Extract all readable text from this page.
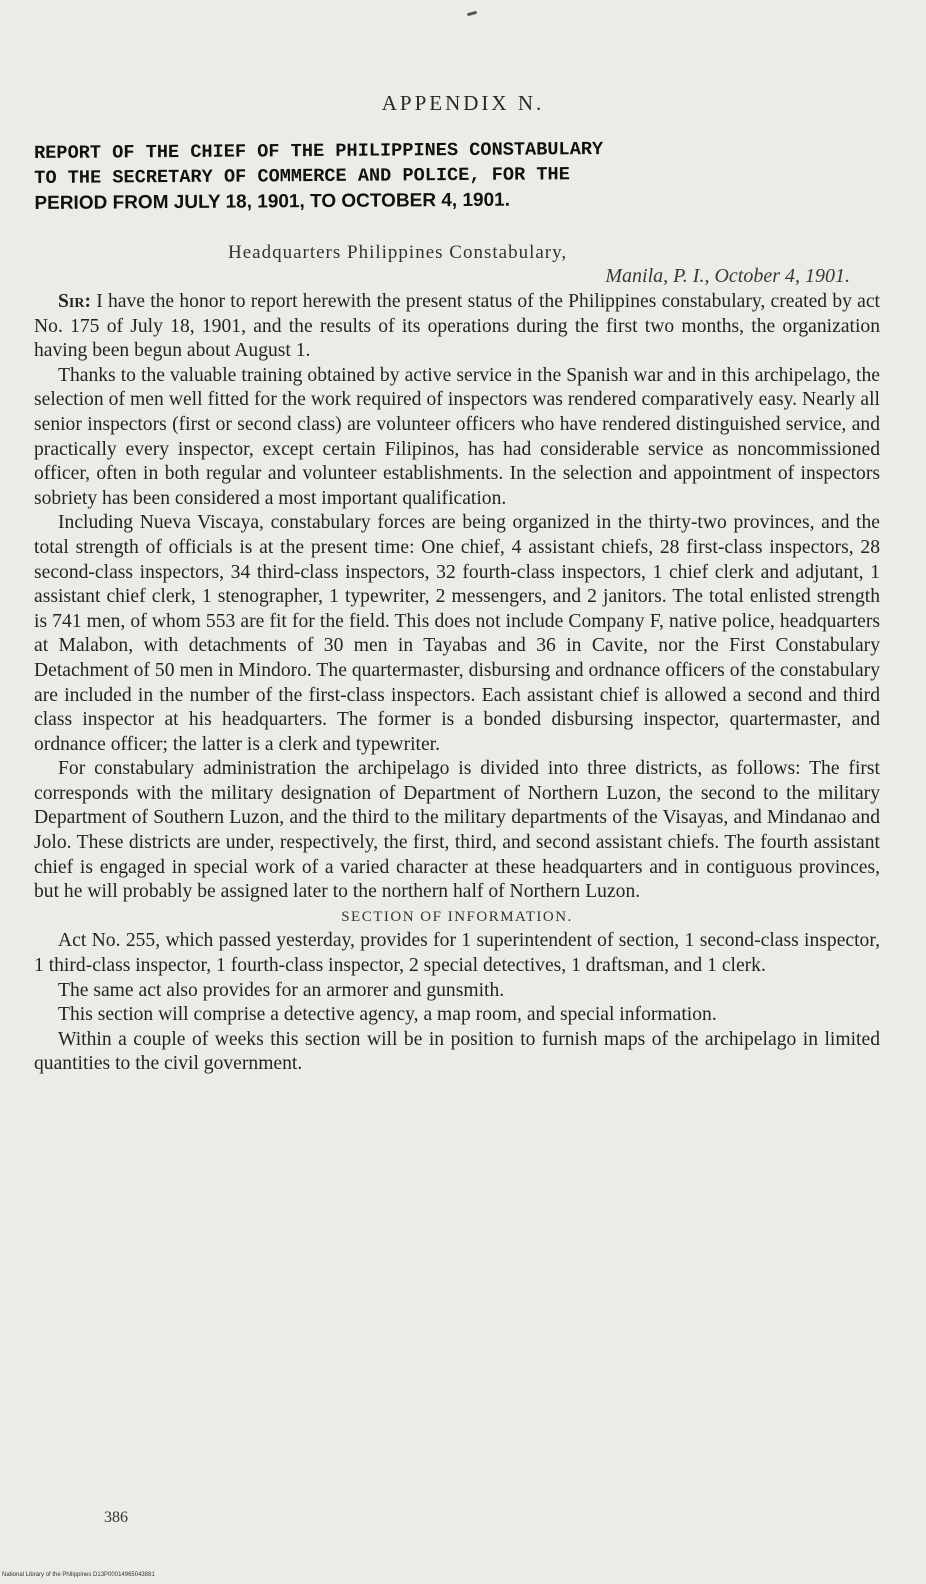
APPENDIX N.
REPORT OF THE CHIEF OF THE PHILIPPINES CONSTABULARY
TO THE SECRETARY OF COMMERCE AND POLICE, FOR THE
PERIOD FROM JULY 18, 1901, TO OCTOBER 4, 1901.
Headquarters Philippines Constabulary,
Manila, P. I., October 4, 1901.

Sir: I have the honor to report herewith the present status of the Philippines constabulary, created by act No. 175 of July 18, 1901, and the results of its operations during the first two months, the organization having been begun about August 1.

Thanks to the valuable training obtained by active service in the Spanish war and in this archipelago, the selection of men well fitted for the work required of inspectors was rendered comparatively easy. Nearly all senior inspectors (first or second class) are volunteer officers who have rendered distinguished service, and practically every inspector, except certain Filipinos, has had considerable service as noncommissioned officer, often in both regular and volunteer establishments. In the selection and appointment of inspectors sobriety has been considered a most important qualification.

Including Nueva Viscaya, constabulary forces are being organized in the thirty-two provinces, and the total strength of officials is at the present time: One chief, 4 assistant chiefs, 28 first-class inspectors, 28 second-class inspectors, 34 third-class inspectors, 32 fourth-class inspectors, 1 chief clerk and adjutant, 1 assistant chief clerk, 1 stenographer, 1 typewriter, 2 messengers, and 2 janitors. The total enlisted strength is 741 men, of whom 553 are fit for the field. This does not include Company F, native police, headquarters at Malabon, with detachments of 30 men in Tayabas and 36 in Cavite, nor the First Constabulary Detachment of 50 men in Mindoro. The quartermaster, disbursing and ordnance officers of the constabulary are included in the number of the first-class inspectors. Each assistant chief is allowed a second and third class inspector at his headquarters. The former is a bonded disbursing inspector, quartermaster, and ordnance officer; the latter is a clerk and typewriter.

For constabulary administration the archipelago is divided into three districts, as follows: The first corresponds with the military designation of Department of Northern Luzon, the second to the military Department of Southern Luzon, and the third to the military departments of the Visayas, and Mindanao and Jolo. These districts are under, respectively, the first, third, and second assistant chiefs. The fourth assistant chief is engaged in special work of a varied character at these headquarters and in contiguous provinces, but he will probably be assigned later to the northern half of Northern Luzon.

SECTION OF INFORMATION.

Act No. 255, which passed yesterday, provides for 1 superintendent of section, 1 second-class inspector, 1 third-class inspector, 1 fourth-class inspector, 2 special detectives, 1 draftsman, and 1 clerk.

The same act also provides for an armorer and gunsmith.

This section will comprise a detective agency, a map room, and special information.

Within a couple of weeks this section will be in position to furnish maps of the archipelago in limited quantities to the civil government.

386
National Library of the Philippines D13P00014965043881
